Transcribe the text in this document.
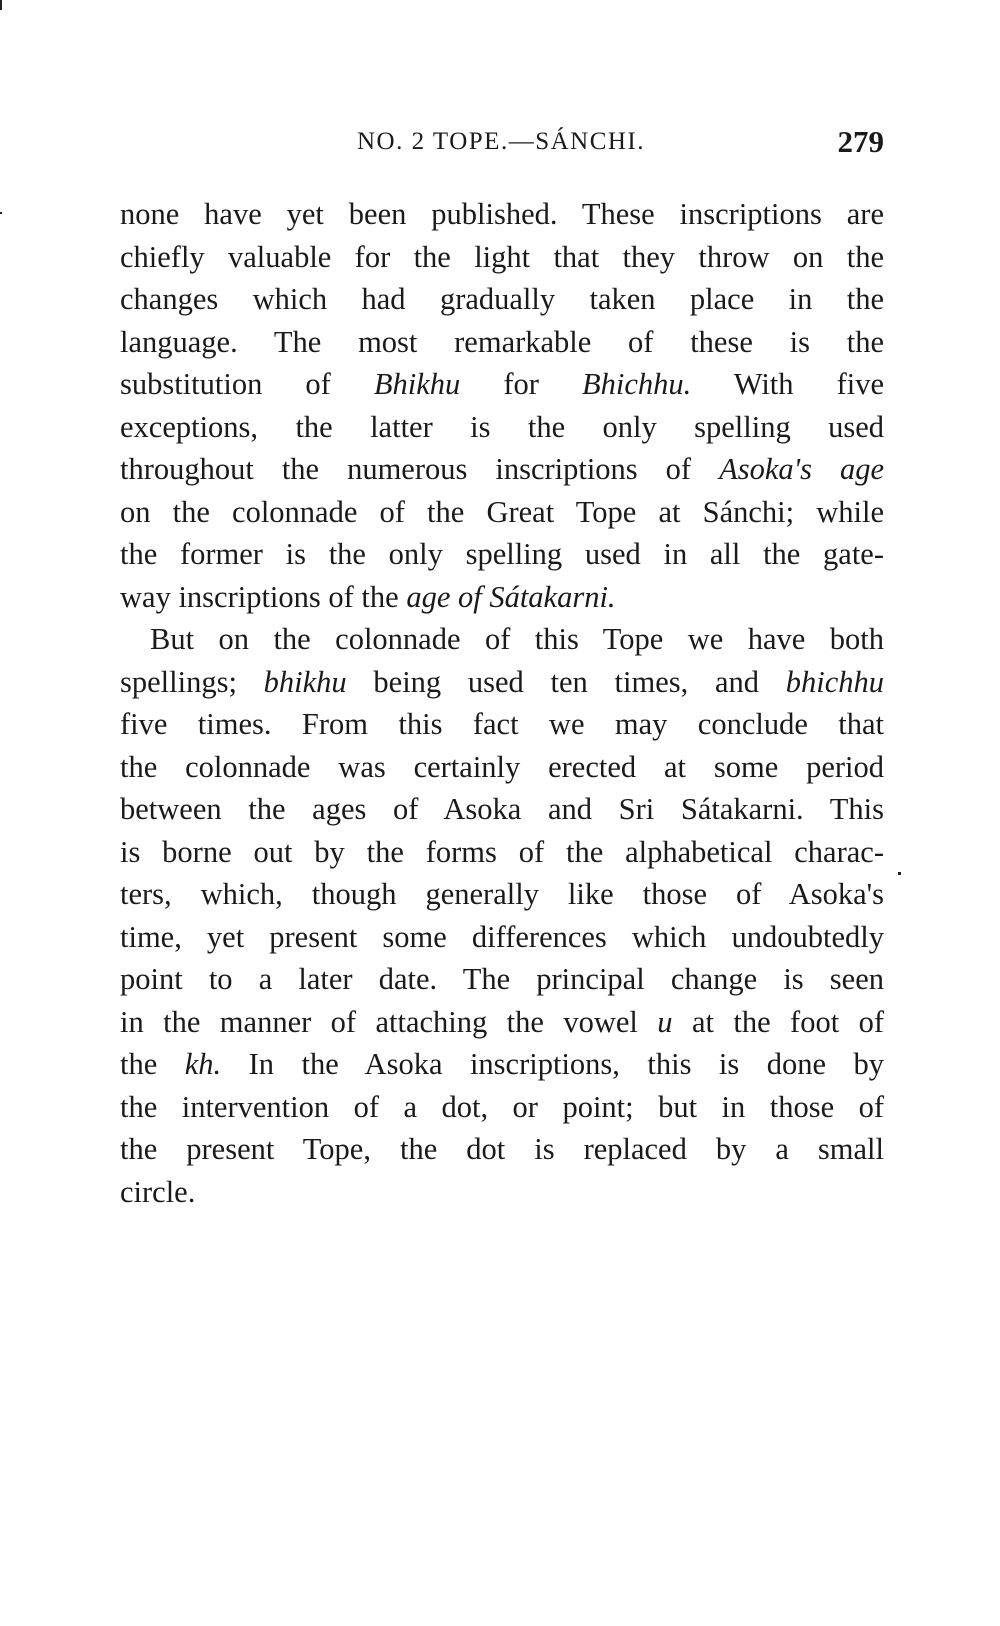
NO. 2 TOPE.—SÁNCHI.	279
none have yet been published. These inscriptions are
chiefly valuable for the light that they throw on the
changes which had gradually taken place in the
language. The most remarkable of these is the
substitution of Bhikhu for Bhichhu. With five
exceptions, the latter is the only spelling used
throughout the numerous inscriptions of Asoka's age
on the colonnade of the Great Tope at Sánchi; while
the former is the only spelling used in all the gate-
way inscriptions of the age of Sátakarni.
But on the colonnade of this Tope we have both
spellings; bhikhu being used ten times, and bhichhu
five times. From this fact we may conclude that
the colonnade was certainly erected at some period
between the ages of Asoka and Sri Sátakarni. This
is borne out by the forms of the alphabetical charac-
ters, which, though generally like those of Asoka's
time, yet present some differences which undoubtedly
point to a later date. The principal change is seen
in the manner of attaching the vowel u at the foot of
the kh. In the Asoka inscriptions, this is done by
the intervention of a dot, or point; but in those of
the present Tope, the dot is replaced by a small
circle.
